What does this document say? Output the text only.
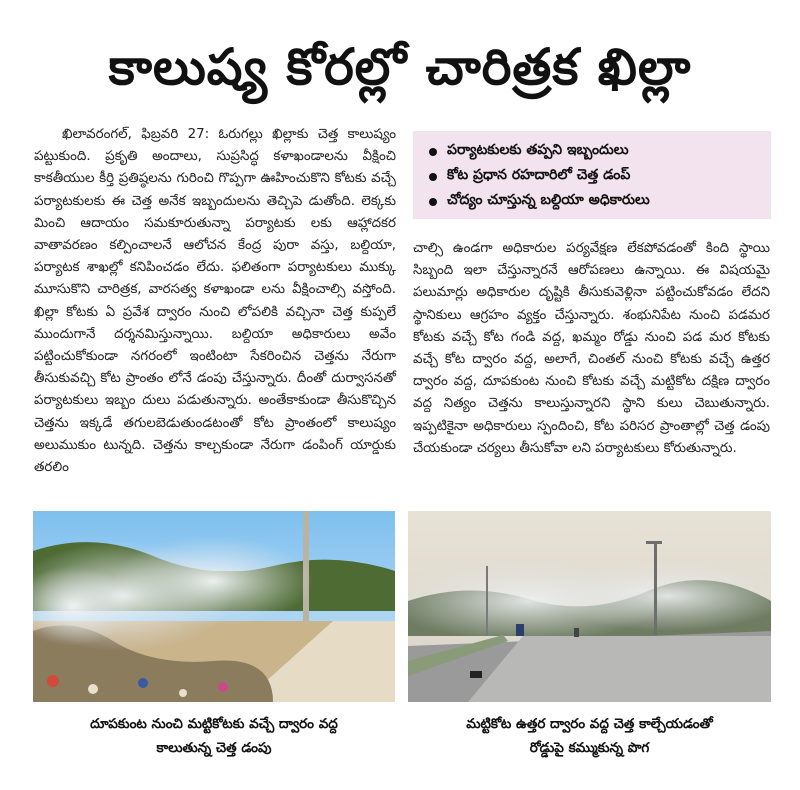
కాలుష్య కోరల్లో చారిత్రక ఖిల్లా

ఖిలావరంగల్, ఫిబ్రవరి 27: ఓరుగల్లు ఖిల్లాకు చెత్త కాలుష్యం పట్టుకుంది. ప్రకృతి అందాలు, సుప్రసిద్ధ కళాఖండాలను వీక్షించి కాకతీయుల కీర్తి ప్రతిష్ఠలను గురించి గొప్పగా ఊహించుకొని కోటకు వచ్చే పర్యాటకులకు ఈ చెత్త అనేక ఇబ్బందులను తెచ్చిపె డుతోంది. లెక్కకు మించి ఆదాయం సమకూరుతున్నా పర్యాటకు లకు ఆహ్లాదకర వాతావరణం కల్పించాలనే ఆలోచన కేంద్ర పురా వస్తు, బల్దియా, పర్యాటక శాఖల్లో కనిపించడం లేదు. ఫలితంగా పర్యాటకులు ముక్కు మూసుకొని చారిత్రక, వారసత్వ కళాఖండా లను వీక్షించాల్సి వస్తోంది. ఖిల్లా కోటకు ఏ ప్రవేశ ద్వారం నుంచి లోపలికి వచ్చినా చెత్త కుప్పలే ముందుగానే దర్శనమిస్తున్నాయి. బల్దియా అధికారులు అవేం పట్టించుకోకుండా నగరంలో ఇంటింటా సేకరించిన చెత్తను నేరుగా తీసుకువచ్చి కోట ప్రాంతం లోనే డంపు చేస్తున్నారు. దీంతో దుర్వాసనతో పర్యాటకులు ఇబ్బం దులు పడుతున్నారు. అంతేకాకుండా తీసుకొచ్చిన చెత్తను ఇక్కడే తగులబెడుతుండటంతో కోట ప్రాంతంలో కాలుష్యం అలుముకుం టున్నది. చెత్తను కాల్చకుండా నేరుగా డంపింగ్ యార్డుకు తరలిం

పర్యాటకులకు తప్పని ఇబ్బందులు
కోట ప్రధాన రహదారిలో చెత్త డంప్
చోద్యం చూస్తున్న బల్దియా అధికారులు

చాల్సి ఉండగా అధికారుల పర్యవేక్షణ లేకపోవడంతో కింది స్థాయి సిబ్బంది ఇలా చేస్తున్నారనే ఆరోపణలు ఉన్నాయి. ఈ విషయమై పలుమార్లు అధికారుల దృష్టికి తీసుకువెళ్లినా పట్టించుకోవడం లేదని స్థానికులు ఆగ్రహం వ్యక్తం చేస్తున్నారు. శంభునిపేట నుంచి పడమర కోటకు వచ్చే కోట గండి వద్ద, ఖమ్మం రోడ్డు నుంచి పడ మర కోటకు వచ్చే కోట ద్వారం వద్ద, అలాగే, చింతల్ నుంచి కోటకు వచ్చే ఉత్తర ద్వారం వద్ద, దూపకుంట నుంచి కోటకు వచ్చే మట్టికోట దక్షిణ ద్వారం వద్ద నిత్యం చెత్తను కాలుస్తున్నారని స్థాని కులు చెబుతున్నారు. ఇప్పటికైనా అధికారులు స్పందించి, కోట పరిసర ప్రాంతాల్లో చెత్త డంపు చేయకుండా చర్యలు తీసుకోవా లని పర్యాటకులు కోరుతున్నారు.

దూపకుంట నుంచి మట్టికోటకు వచ్చే ద్వారం వద్ద
కాలుతున్న చెత్త డంపు
మట్టికోట ఉత్తర ద్వారం వద్ద చెత్త కాల్చేయడంతో
రోడ్డుపై కమ్ముకున్న పొగ
